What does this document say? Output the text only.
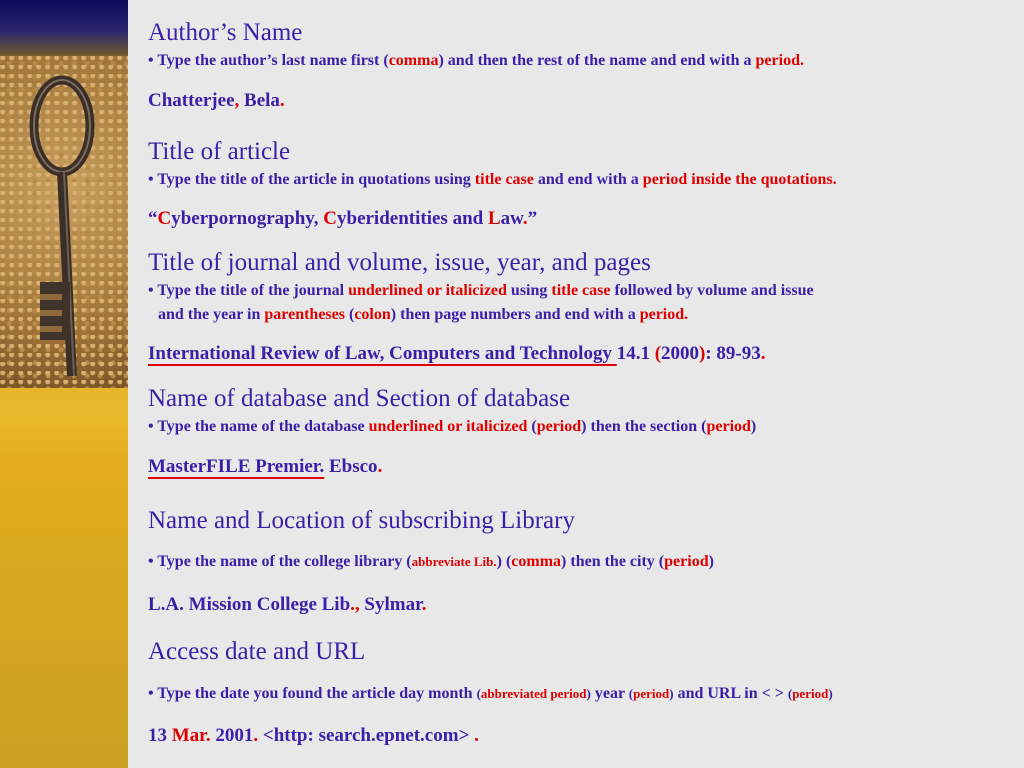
Author’s Name
• Type the author’s last name first (comma) and then the rest of the name and end with a period.
Chatterjee, Bela.
Title of article
• Type the title of the article in quotations using title case and end with a period inside the quotations.
“Cyberpornography, Cyberidentities and Law.”
Title of journal and volume, issue, year, and pages
• Type the title of the journal underlined or italicized using title case followed by volume and issue
and the year in parentheses (colon) then page numbers and end with a period.
International Review of Law, Computers and Technology 14.1 (2000): 89-93.
Name of database and Section of database
• Type the name of the database underlined or italicized (period) then the section (period)
MasterFILE Premier. Ebsco.
Name and Location of subscribing Library
• Type the name of the college library (abbreviate Lib.) (comma) then the city (period)
L.A. Mission College Lib., Sylmar.
Access date and URL
• Type the date you found the article day month (abbreviated period) year (period) and URL in < > (period)
13 Mar. 2001. <http: search.epnet.com> .
